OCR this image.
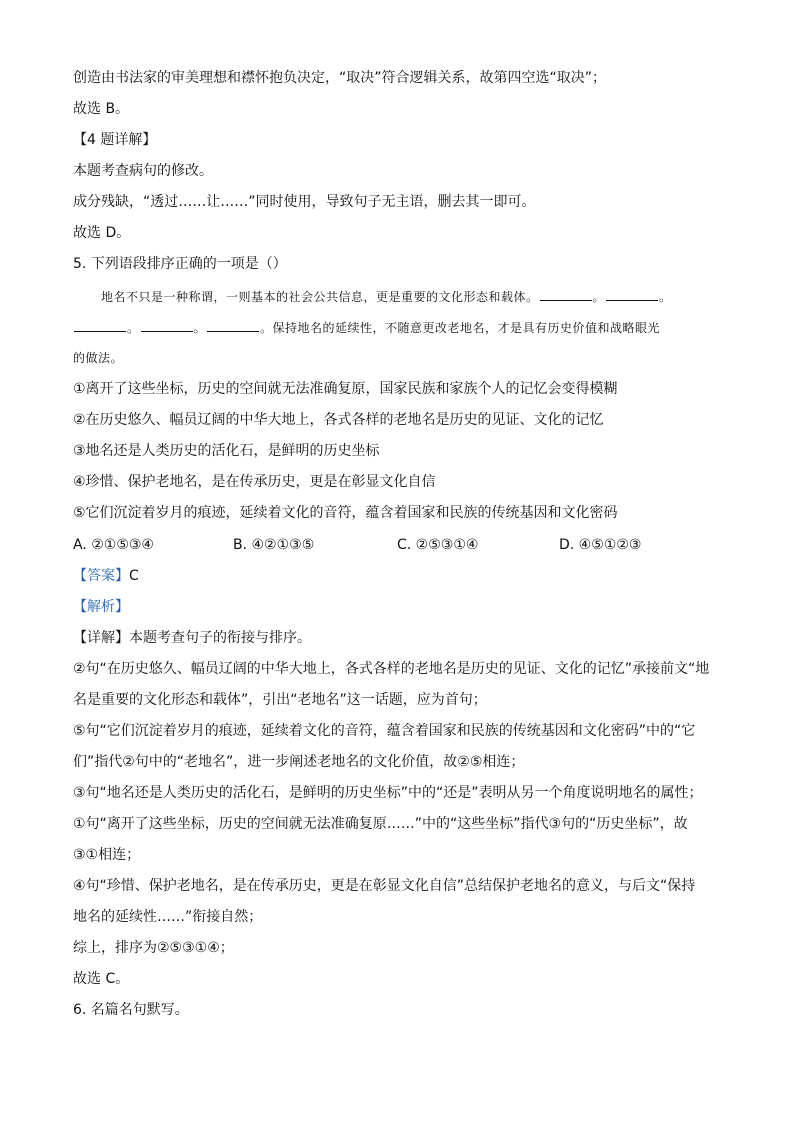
创造由书法家的审美理想和襟怀抱负决定，“取决”符合逻辑关系，故第四空选“取决”；
故选 B。
【4 题详解】
本题考查病句的修改。
成分残缺，“透过……让……”同时使用，导致句子无主语，删去其一即可。
故选 D。
5. 下列语段排序正确的一项是（）
地名不只是一种称谓，一则基本的社会公共信息，更是重要的文化形态和载体。	。	。
。	。	。保持地名的延续性，不随意更改老地名，才是具有历史价值和战略眼光
的做法。
①离开了这些坐标，历史的空间就无法准确复原，国家民族和家族个人的记忆会变得模糊
②在历史悠久、幅员辽阔的中华大地上，各式各样的老地名是历史的见证、文化的记忆
③地名还是人类历史的活化石，是鲜明的历史坐标
④珍惜、保护老地名，是在传承历史，更是在彰显文化自信
⑤它们沉淀着岁月的痕迹，延续着文化的音符，蕴含着国家和民族的传统基因和文化密码
A. ②①⑤③④	B. ④②①③⑤	C. ②⑤③①④	D. ④⑤①②③
【答案】C
【解析】
【详解】本题考查句子的衔接与排序。
②句“在历史悠久、幅员辽阔的中华大地上，各式各样的老地名是历史的见证、文化的记忆”承接前文“地
名是重要的文化形态和载体”，引出“老地名”这一话题，应为首句；
⑤句“它们沉淀着岁月的痕迹，延续着文化的音符，蕴含着国家和民族的传统基因和文化密码”中的“它
们”指代②句中的“老地名”，进一步阐述老地名的文化价值，故②⑤相连；
③句“地名还是人类历史的活化石，是鲜明的历史坐标”中的“还是”表明从另一个角度说明地名的属性；
①句“离开了这些坐标，历史的空间就无法准确复原……”中的“这些坐标”指代③句的“历史坐标”，故
③①相连；
④句“珍惜、保护老地名，是在传承历史，更是在彰显文化自信”总结保护老地名的意义，与后文“保持
地名的延续性……”衔接自然；
综上，排序为②⑤③①④；
故选 C。
6. 名篇名句默写。
